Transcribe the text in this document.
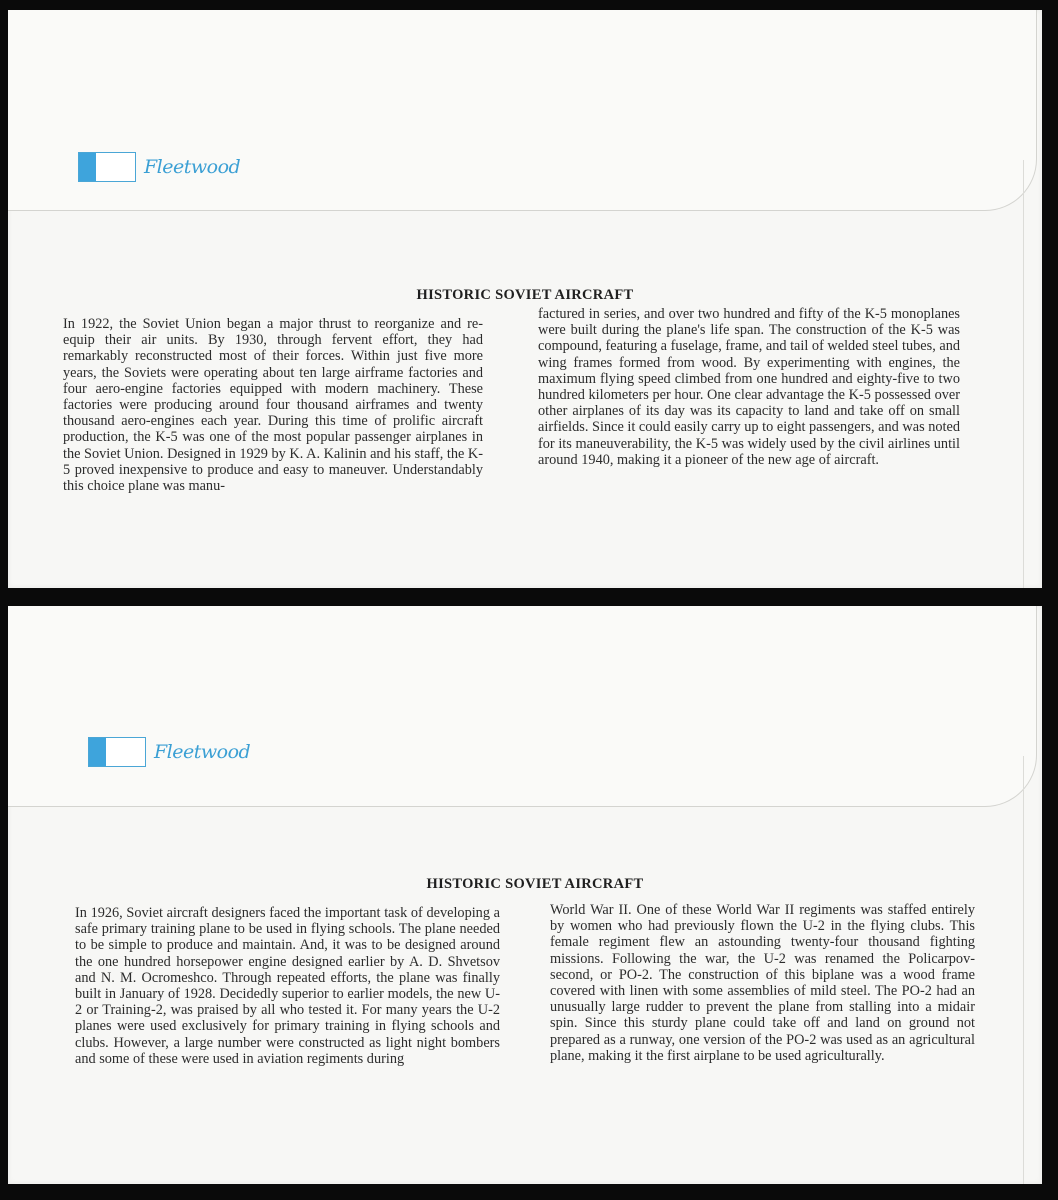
Fleetwood
HISTORIC SOVIET AIRCRAFT

In 1922, the Soviet Union began a major thrust to reorganize and re-equip their air units. By 1930, through fervent effort, they had remarkably reconstructed most of their forces. Within just five more years, the Soviets were operating about ten large airframe factories and four aero-engine factories equipped with modern machinery. These factories were producing around four thousand airframes and twenty thousand aero-engines each year. During this time of prolific aircraft production, the K-5 was one of the most popular passenger airplanes in the Soviet Union. Designed in 1929 by K. A. Kalinin and his staff, the K-5 proved inexpensive to produce and easy to maneuver. Understandably this choice plane was manu-

factured in series, and over two hundred and fifty of the K-5 monoplanes were built during the plane's life span. The construction of the K-5 was compound, featuring a fuselage, frame, and tail of welded steel tubes, and wing frames formed from wood. By experimenting with engines, the maximum flying speed climbed from one hundred and eighty-five to two hundred kilometers per hour. One clear advantage the K-5 possessed over other airplanes of its day was its capacity to land and take off on small airfields. Since it could easily carry up to eight passengers, and was noted for its maneuverability, the K-5 was widely used by the civil airlines until around 1940, making it a pioneer of the new age of aircraft.

Fleetwood
HISTORIC SOVIET AIRCRAFT

In 1926, Soviet aircraft designers faced the important task of developing a safe primary training plane to be used in flying schools. The plane needed to be simple to produce and maintain. And, it was to be designed around the one hundred horsepower engine designed earlier by A. D. Shvetsov and N. M. Ocromeshco. Through repeated efforts, the plane was finally built in January of 1928. Decidedly superior to earlier models, the new U-2 or Training-2, was praised by all who tested it. For many years the U-2 planes were used exclusively for primary training in flying schools and clubs. However, a large number were constructed as light night bombers and some of these were used in aviation regiments during

World War II. One of these World War II regiments was staffed entirely by women who had previously flown the U-2 in the flying clubs. This female regiment flew an astounding twenty-four thousand fighting missions. Following the war, the U-2 was renamed the Policarpov-second, or PO-2. The construction of this biplane was a wood frame covered with linen with some assemblies of mild steel. The PO-2 had an unusually large rudder to prevent the plane from stalling into a midair spin. Since this sturdy plane could take off and land on ground not prepared as a runway, one version of the PO-2 was used as an agricultural plane, making it the first airplane to be used agriculturally.
